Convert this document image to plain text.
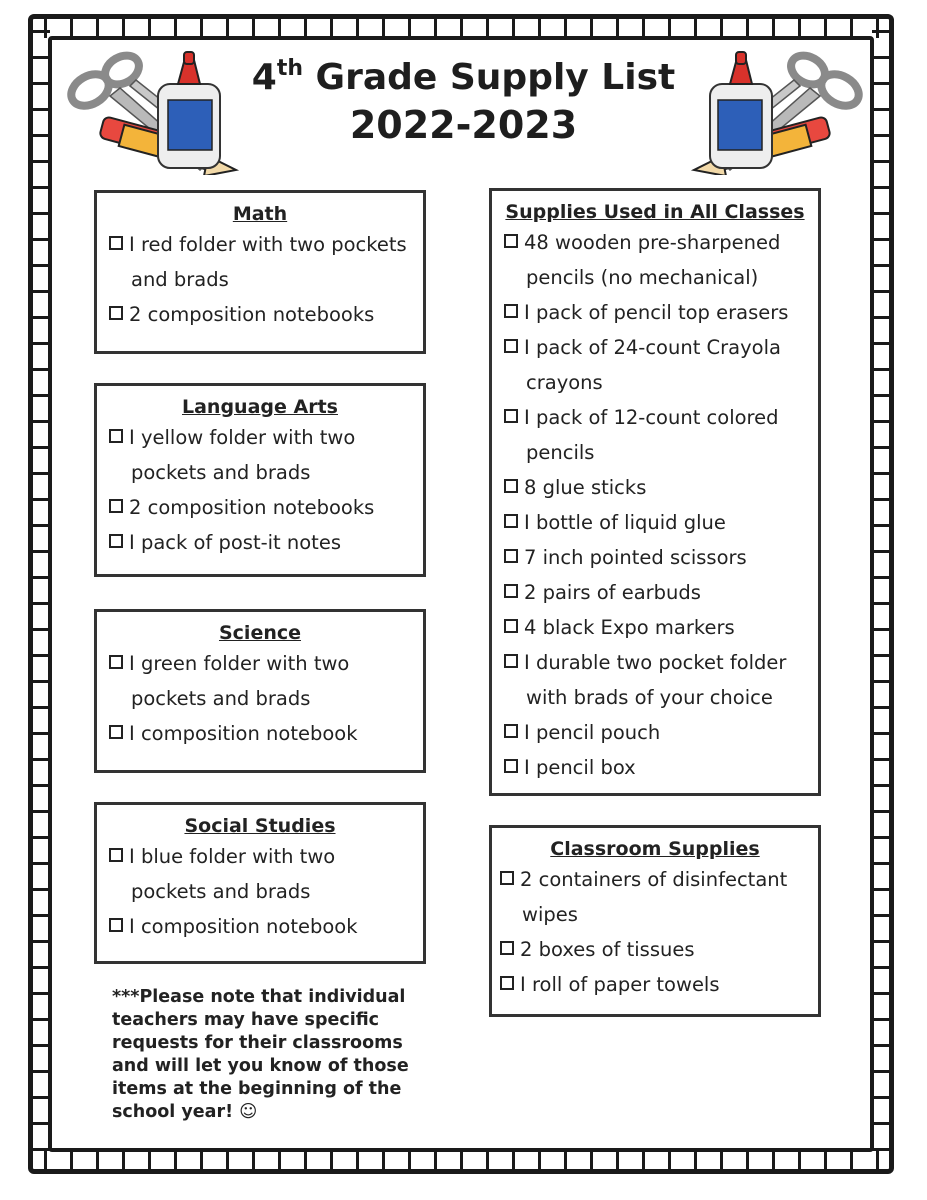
4th Grade Supply List
2022-2023
Math
I red folder with two pockets
and brads
2 composition notebooks
Language Arts
I yellow folder with two
pockets and brads
2 composition notebooks
I pack of post-it notes
Science
I green folder with two
pockets and brads
I composition notebook
Social Studies
I blue folder with two
pockets and brads
I composition notebook
***Please note that individual
teachers may have specific
requests for their classrooms
and will let you know of those
items at the beginning of the
school year! ☺
Supplies Used in All Classes
48 wooden pre-sharpened
pencils (no mechanical)
I pack of pencil top erasers
I pack of 24-count Crayola
crayons
I pack of 12-count colored
pencils
8 glue sticks
I bottle of liquid glue
7 inch pointed scissors
2 pairs of earbuds
4 black Expo markers
I durable two pocket folder
with brads of your choice
I pencil pouch
I pencil box
Classroom Supplies
2 containers of disinfectant
wipes
2 boxes of tissues
I roll of paper towels
